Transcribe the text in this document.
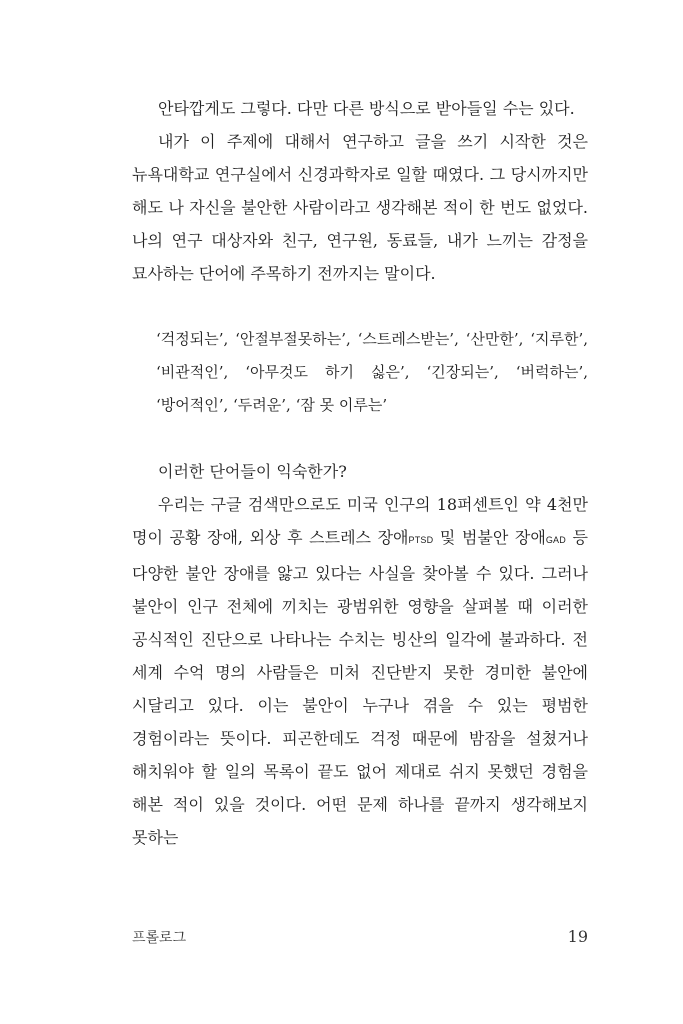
안타깝게도 그렇다. 다만 다른 방식으로 받아들일 수는 있다.

내가 이 주제에 대해서 연구하고 글을 쓰기 시작한 것은 뉴욕대학교 연구실에서 신경과학자로 일할 때였다. 그 당시까지만 해도 나 자신을 불안한 사람이라고 생각해본 적이 한 번도 없었다. 나의 연구 대상자와 친구, 연구원, 동료들, 내가 느끼는 감정을 묘사하는 단어에 주목하기 전까지는 말이다.

‘걱정되는’, ‘안절부절못하는’, ‘스트레스받는’, ‘산만한’, ‘지루한’, ‘비관적인’, ‘아무것도 하기 싫은’, ‘긴장되는’, ‘버럭하는’, ‘방어적인’, ‘두려운’, ‘잠 못 이루는’

이러한 단어들이 익숙한가?

우리는 구글 검색만으로도 미국 인구의 18퍼센트인 약 4천만 명이 공황 장애, 외상 후 스트레스 장애PTSD 및 범불안 장애GAD 등 다양한 불안 장애를 앓고 있다는 사실을 찾아볼 수 있다. 그러나 불안이 인구 전체에 끼치는 광범위한 영향을 살펴볼 때 이러한 공식적인 진단으로 나타나는 수치는 빙산의 일각에 불과하다. 전 세계 수억 명의 사람들은 미처 진단받지 못한 경미한 불안에 시달리고 있다. 이는 불안이 누구나 겪을 수 있는 평범한 경험이라는 뜻이다. 피곤한데도 걱정 때문에 밤잠을 설쳤거나 해치워야 할 일의 목록이 끝도 없어 제대로 쉬지 못했던 경험을 해본 적이 있을 것이다. 어떤 문제 하나를 끝까지 생각해보지 못하는

프롤로그	19
